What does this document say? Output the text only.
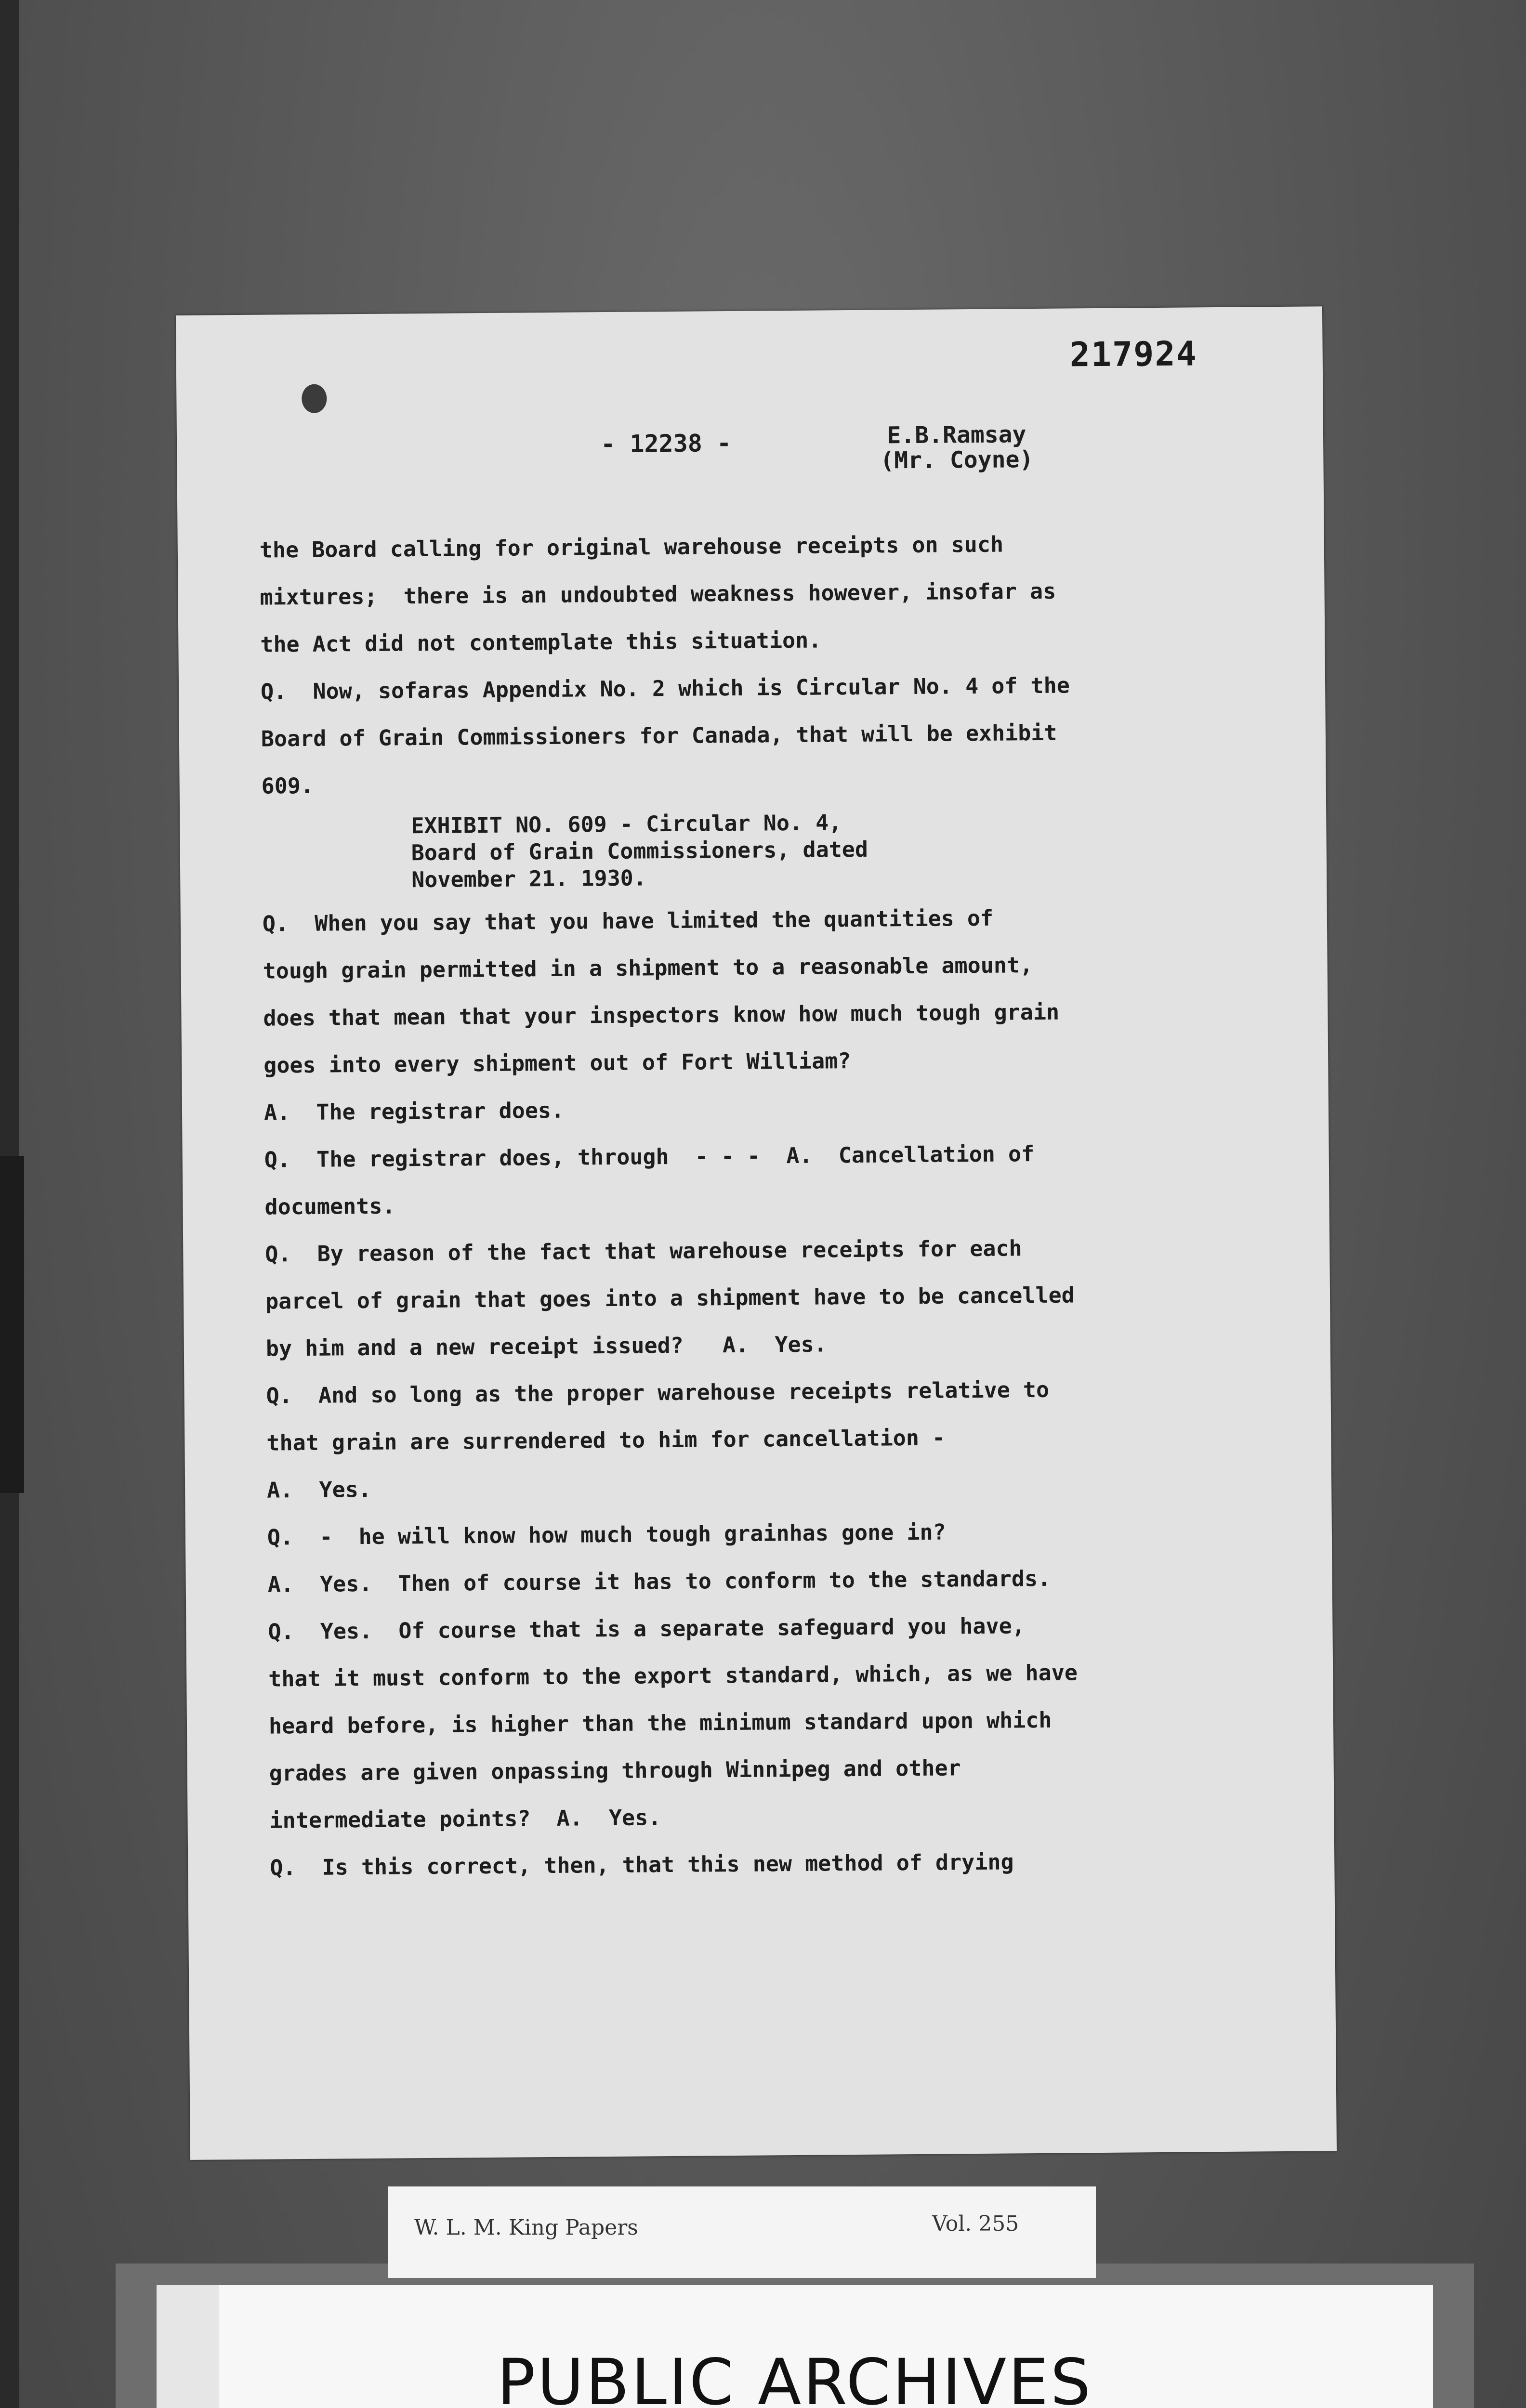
217924
- 12238 -	E.B.Ramsay
(Mr. Coyne)
the Board calling for original warehouse receipts on such
mixtures;  there is an undoubted weakness however, insofar as
the Act did not contemplate this situation.
Q.  Now, sofaras Appendix No. 2 which is Circular No. 4 of the
Board of Grain Commissioners for Canada, that will be exhibit
609.
EXHIBIT NO. 609 - Circular No. 4,
Board of Grain Commissioners, dated
November 21. 1930.
Q.  When you say that you have limited the quantities of
tough grain permitted in a shipment to a reasonable amount,
does that mean that your inspectors know how much tough grain
goes into every shipment out of Fort William?
A.  The registrar does.
Q.  The registrar does, through  - - -  A.  Cancellation of
documents.
Q.  By reason of the fact that warehouse receipts for each
parcel of grain that goes into a shipment have to be cancelled
by him and a new receipt issued?   A.  Yes.
Q.  And so long as the proper warehouse receipts relative to
that grain are surrendered to him for cancellation -
A.  Yes.
Q.  -  he will know how much tough grainhas gone in?
A.  Yes.  Then of course it has to conform to the standards.
Q.  Yes.  Of course that is a separate safeguard you have,
that it must conform to the export standard, which, as we have
heard before, is higher than the minimum standard upon which
grades are given onpassing through Winnipeg and other
intermediate points?  A.  Yes.
Q.  Is this correct, then, that this new method of drying
W. L. M. King Papers	Vol. 255
PUBLIC ARCHIVES
